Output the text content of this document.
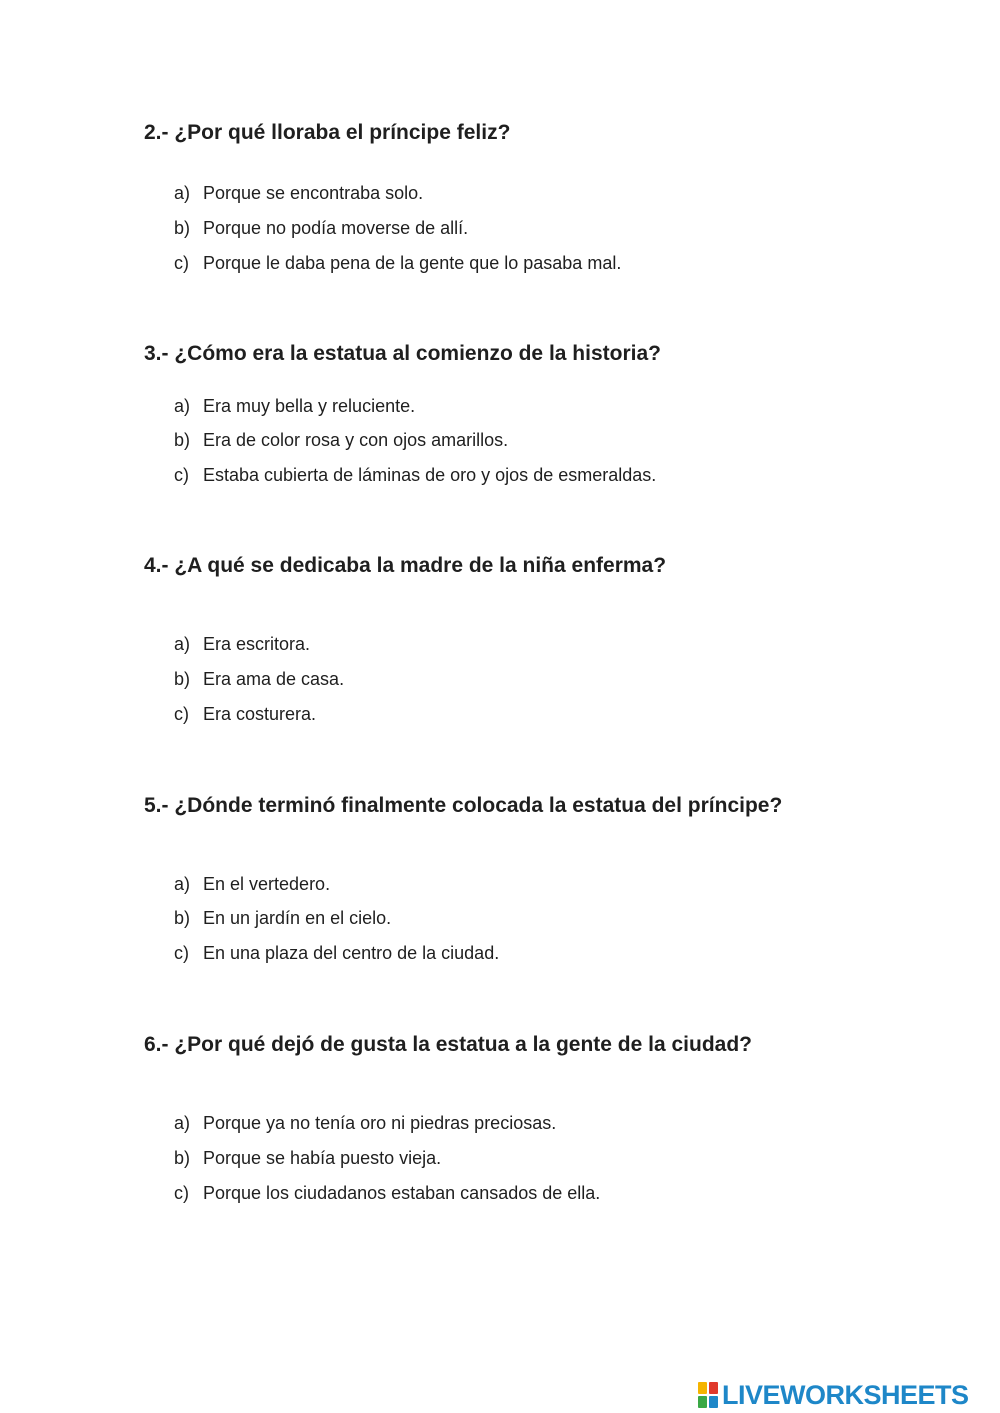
2.- ¿Por qué lloraba el príncipe feliz?

a) Porque se encontraba solo.
b) Porque no podía moverse de allí.
c) Porque le daba pena de la gente que lo pasaba mal.

3.- ¿Cómo era la estatua al comienzo de la historia?

a) Era muy bella y reluciente.
b) Era de color rosa y con ojos amarillos.
c) Estaba cubierta de láminas de oro y ojos de esmeraldas.

4.- ¿A qué se dedicaba la madre de la niña enferma?

a) Era escritora.
b) Era ama de casa.
c) Era costurera.

5.- ¿Dónde terminó finalmente colocada la estatua del príncipe?

a) En el vertedero.
b) En un jardín en el cielo.
c) En una plaza del centro de la ciudad.

6.- ¿Por qué dejó de gusta la estatua a la gente de la ciudad?

a) Porque ya no tenía oro ni piedras preciosas.
b) Porque se había puesto vieja.
c) Porque los ciudadanos estaban cansados de ella.
LIVEWORKSHEETS
